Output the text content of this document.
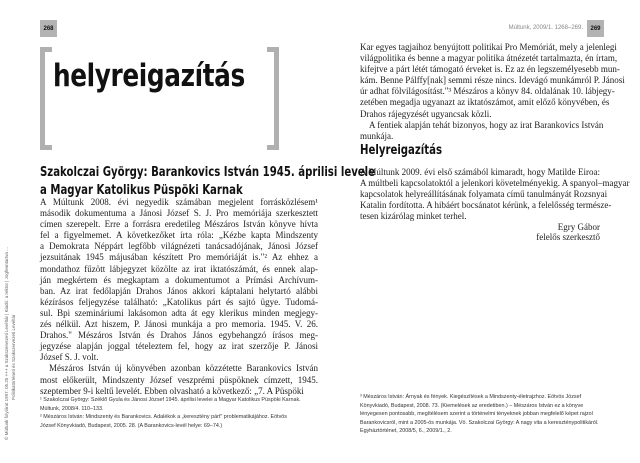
268
helyreigazítás
Szakolczai György: Barankovics István 1945. áprilisi levele
a Magyar Katolikus Püspöki Karnak
A Múltunk 2008. évi negyedik számában megjelent forrásközlésem¹
második dokumentuma a Jánosi József S. J. Pro memóriája szerkesztett
címen szerepelt. Erre a forrásra eredetileg Mészáros István könyve hívta
fel a figyelmemet. A következőket írta róla: „Kézbe kapta Mindszenty
a Demokrata Néppárt legfőbb világnézeti tanácsadójának, Jánosi József
jezsuitának 1945 májusában készített Pro memóriáját is."² Az ehhez a
mondathoz fűzött lábjegyzet közölte az irat iktatószámát, és ennek alap-
ján megkértem és megkaptam a dokumentumot a Prímási Archívum-
ban. Az irat fedőlapján Drahos János akkori káptalani helytartó alábbi
kézírásos feljegyzése található: „Katolikus párt és sajtó ügye. Tudomá-
sul. Bpi szemináriumi lakásomon adta át egy klerikus minden megjegy-
zés nélkül. Azt hiszem, P. Jánosi munkája a pro memoria. 1945. V. 26.
Drahos." Mészáros István és Drahos János egybehangzó írásos meg-
jegyzése alapján joggal tételeztem fel, hogy az irat szerzője P. Jánosi
József S. J. volt.
Mészáros István új könyvében azonban közzétette Barankovics István
most előkerült, Mindszenty József veszprémi püspöknek címzett, 1945.
szeptember 9-i keltű levelét. Ebben olvasható a következő: „7. A Püspöki
¹ Szakolczai György: Széklő Gyula és Jánosi József 1945. áprilisi levelei a Magyar Katolikus Püspöki Karnak. Múltunk, 2008/4. 110–133.
² Mészáros István: Mindszenty és Barankovics. Adalékok a „keresztény párt" problematikájához. Eötvös József Könyvkiadó, Budapest, 2005. 28. (A Barankovics-levél helye: 69–74.)
© Múltunk folyóirat 1997. 05.25 +++ a Szakszervezeti Levéltár | Kiadó: a rektor | Jogfenntartva ... Politikatörténeti és Szakszervezeti Levéltár
Múltunk, 2009/1. 1268–269.	269
Kar egyes tagjaihoz benyújtott politikai Pro Memóriát, mely a jelenlegi
világpolitika és benne a magyar politika átnézetét tartalmazta, én írtam,
kifejtve a párt létét támogató érveket is. Ez az én legszemélyesebb mun-
kám. Benne Pálffy[nak] semmi része nincs. Idevágó munkámról P. Jánosi
úr adhat fölvilágosítást."³ Mészáros a könyv 84. oldalának 10. lábjegy-
zetében megadja ugyanazt az iktatószámot, amit előző könyvében, és
Drahos rájegyzését ugyancsak közli.
A fentiek alapján tehát bizonyos, hogy az irat Barankovics István
munkája.
Helyreigazítás
A Múltunk 2009. évi első számából kimaradt, hogy Matilde Eiroa:
A múltbeli kapcsolatoktól a jelenkori követelményekig. A spanyol–magyar
kapcsolatok helyreállításának folyamata című tanulmányát Rozsnyai
Katalin fordította. A hibáért bocsánatot kérünk, a felelősség természe-
tesen kizárólag minket terhel.
Egry Gábor
felelős szerkesztő
³ Mészáros István: Árnyak és fények. Kiegészítések a Mindszenty-életrajzhoz. Eötvös József Könyvkiadó, Budapest, 2008. 73. (Kiemelések az eredetiben.) – Mészáros István ez a könyve lényegesen pontosabb, megítélésem szerint a történelmi tényeknek jobban megfelelő képet rajzol Barankovicsról, mint a 2005-ös munkája. Vö. Szakolczai György: A nagy vita a kereszténypolitikáról. Egyháztörténet, 2008/5, 6., 2009/1., 2.
